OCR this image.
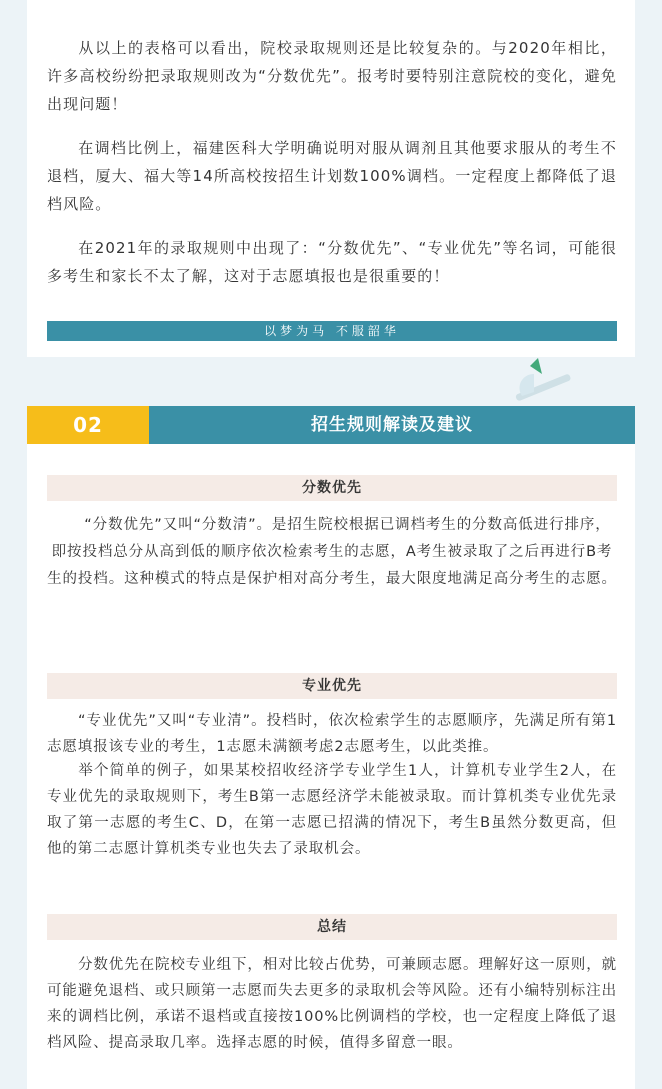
从以上的表格可以看出，院校录取规则还是比较复杂的。与2020年相比，许多高校纷纷把录取规则改为“分数优先”。报考时要特别注意院校的变化，避免出现问题！

在调档比例上，福建医科大学明确说明对服从调剂且其他要求服从的考生不退档，厦大、福大等14所高校按招生计划数100%调档。一定程度上都降低了退档风险。

在2021年的录取规则中出现了：“分数优先”、“专业优先”等名词，可能很多考生和家长不太了解，这对于志愿填报也是很重要的！

以梦为马 不服韶华
02	招生规则解读及建议
分数优先

“分数优先”又叫“分数清”。是招生院校根据已调档考生的分数高低进行排序，即按投档总分从高到低的顺序依次检索考生的志愿，A考生被录取了之后再进行B考生的投档。这种模式的特点是保护相对高分考生，最大限度地满足高分考生的志愿。

专业优先

“专业优先”又叫“专业清”。投档时，依次检索学生的志愿顺序，先满足所有第1志愿填报该专业的考生，1志愿未满额考虑2志愿考生，以此类推。

举个简单的例子，如果某校招收经济学专业学生1人，计算机专业学生2人，在专业优先的录取规则下，考生B第一志愿经济学未能被录取。而计算机类专业优先录取了第一志愿的考生C、D，在第一志愿已招满的情况下，考生B虽然分数更高，但他的第二志愿计算机类专业也失去了录取机会。

总结

分数优先在院校专业组下，相对比较占优势，可兼顾志愿。理解好这一原则，就可能避免退档、或只顾第一志愿而失去更多的录取机会等风险。还有小编特别标注出来的调档比例，承诺不退档或直接按100%比例调档的学校，也一定程度上降低了退档风险、提高录取几率。选择志愿的时候，值得多留意一眼。
